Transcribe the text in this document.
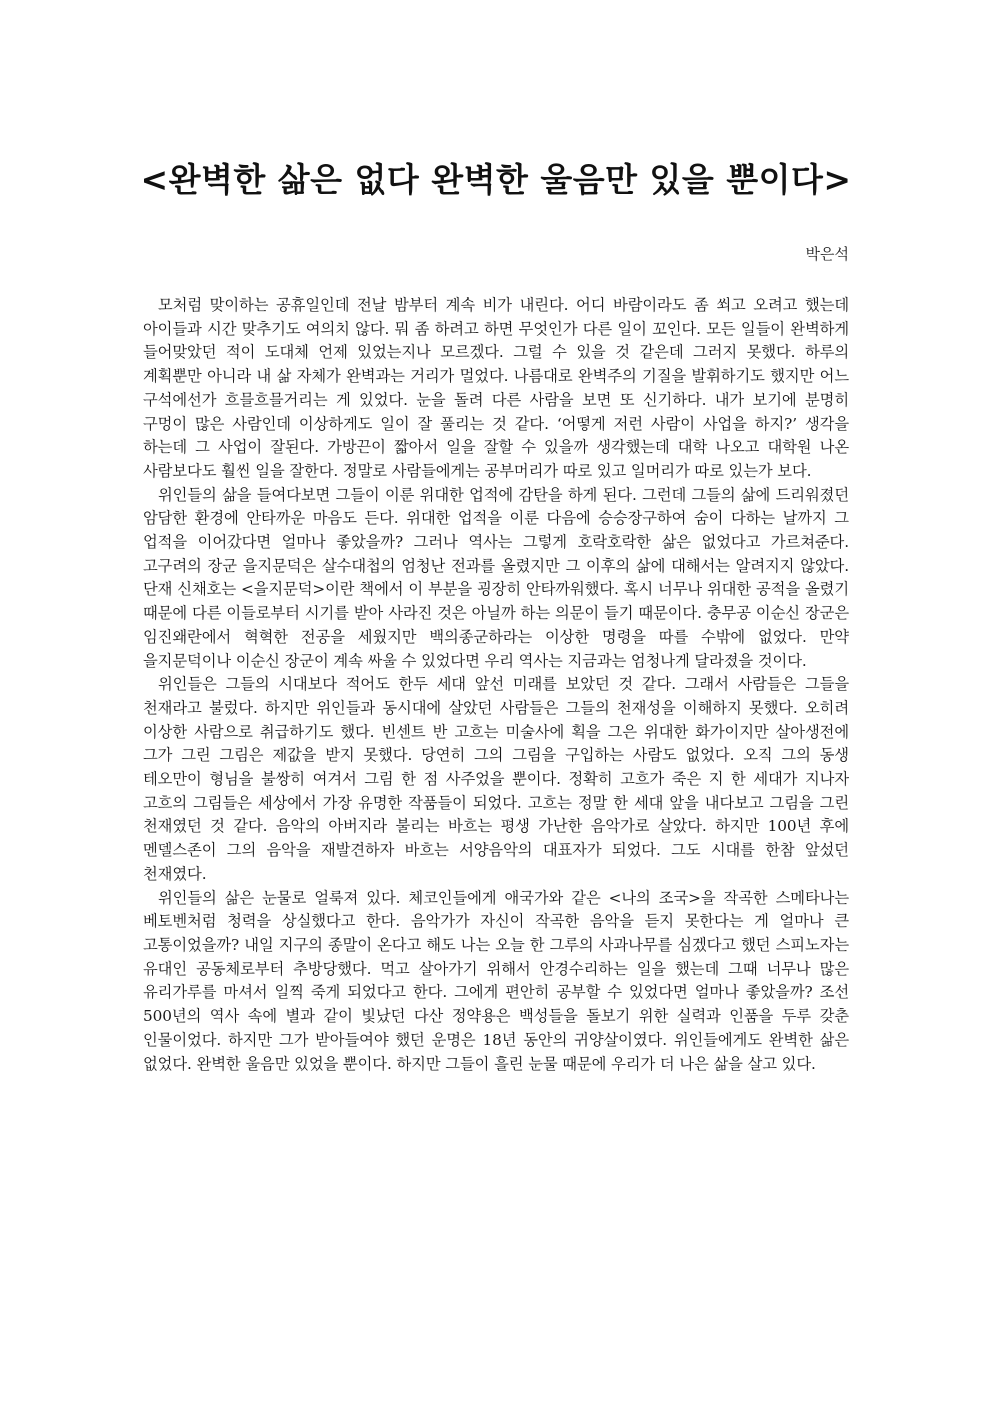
<완벽한 삶은 없다 완벽한 울음만 있을 뿐이다>
박은석

모처럼 맞이하는 공휴일인데 전날 밤부터 계속 비가 내린다. 어디 바람이라도 좀 쐬고 오려고 했는데 아이들과 시간 맞추기도 여의치 않다. 뭐 좀 하려고 하면 무엇인가 다른 일이 꼬인다. 모든 일들이 완벽하게 들어맞았던 적이 도대체 언제 있었는지나 모르겠다. 그럴 수 있을 것 같은데 그러지 못했다. 하루의 계획뿐만 아니라 내 삶 자체가 완벽과는 거리가 멀었다. 나름대로 완벽주의 기질을 발휘하기도 했지만 어느 구석에선가 흐믈흐믈거리는 게 있었다. 눈을 돌려 다른 사람을 보면 또 신기하다. 내가 보기에 분명히 구멍이 많은 사람인데 이상하게도 일이 잘 풀리는 것 같다. ‘어떻게 저런 사람이 사업을 하지?’ 생각을 하는데 그 사업이 잘된다. 가방끈이 짧아서 일을 잘할 수 있을까 생각했는데 대학 나오고 대학원 나온 사람보다도 훨씬 일을 잘한다. 정말로 사람들에게는 공부머리가 따로 있고 일머리가 따로 있는가 보다.

위인들의 삶을 들여다보면 그들이 이룬 위대한 업적에 감탄을 하게 된다. 그런데 그들의 삶에 드리워졌던 암담한 환경에 안타까운 마음도 든다. 위대한 업적을 이룬 다음에 승승장구하여 숨이 다하는 날까지 그 업적을 이어갔다면 얼마나 좋았을까? 그러나 역사는 그렇게 호락호락한 삶은 없었다고 가르쳐준다. 고구려의 장군 을지문덕은 살수대첩의 엄청난 전과를 올렸지만 그 이후의 삶에 대해서는 알려지지 않았다. 단재 신채호는 <을지문덕>이란 책에서 이 부분을 굉장히 안타까워했다. 혹시 너무나 위대한 공적을 올렸기 때문에 다른 이들로부터 시기를 받아 사라진 것은 아닐까 하는 의문이 들기 때문이다. 충무공 이순신 장군은 임진왜란에서 혁혁한 전공을 세웠지만 백의종군하라는 이상한 명령을 따를 수밖에 없었다. 만약 을지문덕이나 이순신 장군이 계속 싸울 수 있었다면 우리 역사는 지금과는 엄청나게 달라졌을 것이다.

위인들은 그들의 시대보다 적어도 한두 세대 앞선 미래를 보았던 것 같다. 그래서 사람들은 그들을 천재라고 불렀다. 하지만 위인들과 동시대에 살았던 사람들은 그들의 천재성을 이해하지 못했다. 오히려 이상한 사람으로 취급하기도 했다. 빈센트 반 고흐는 미술사에 획을 그은 위대한 화가이지만 살아생전에 그가 그린 그림은 제값을 받지 못했다. 당연히 그의 그림을 구입하는 사람도 없었다. 오직 그의 동생 테오만이 형님을 불쌍히 여겨서 그림 한 점 사주었을 뿐이다. 정확히 고흐가 죽은 지 한 세대가 지나자 고흐의 그림들은 세상에서 가장 유명한 작품들이 되었다. 고흐는 정말 한 세대 앞을 내다보고 그림을 그린 천재였던 것 같다. 음악의 아버지라 불리는 바흐는 평생 가난한 음악가로 살았다. 하지만 100년 후에 멘델스존이 그의 음악을 재발견하자 바흐는 서양음악의 대표자가 되었다. 그도 시대를 한참 앞섰던 천재였다.

위인들의 삶은 눈물로 얼룩져 있다. 체코인들에게 애국가와 같은 <나의 조국>을 작곡한 스메타나는 베토벤처럼 청력을 상실했다고 한다. 음악가가 자신이 작곡한 음악을 듣지 못한다는 게 얼마나 큰 고통이었을까? 내일 지구의 종말이 온다고 해도 나는 오늘 한 그루의 사과나무를 심겠다고 했던 스피노자는 유대인 공동체로부터 추방당했다. 먹고 살아가기 위해서 안경수리하는 일을 했는데 그때 너무나 많은 유리가루를 마셔서 일찍 죽게 되었다고 한다. 그에게 편안히 공부할 수 있었다면 얼마나 좋았을까? 조선 500년의 역사 속에 별과 같이 빛났던 다산 정약용은 백성들을 돌보기 위한 실력과 인품을 두루 갖춘 인물이었다. 하지만 그가 받아들여야 했던 운명은 18년 동안의 귀양살이였다. 위인들에게도 완벽한 삶은 없었다. 완벽한 울음만 있었을 뿐이다. 하지만 그들이 흘린 눈물 때문에 우리가 더 나은 삶을 살고 있다.
